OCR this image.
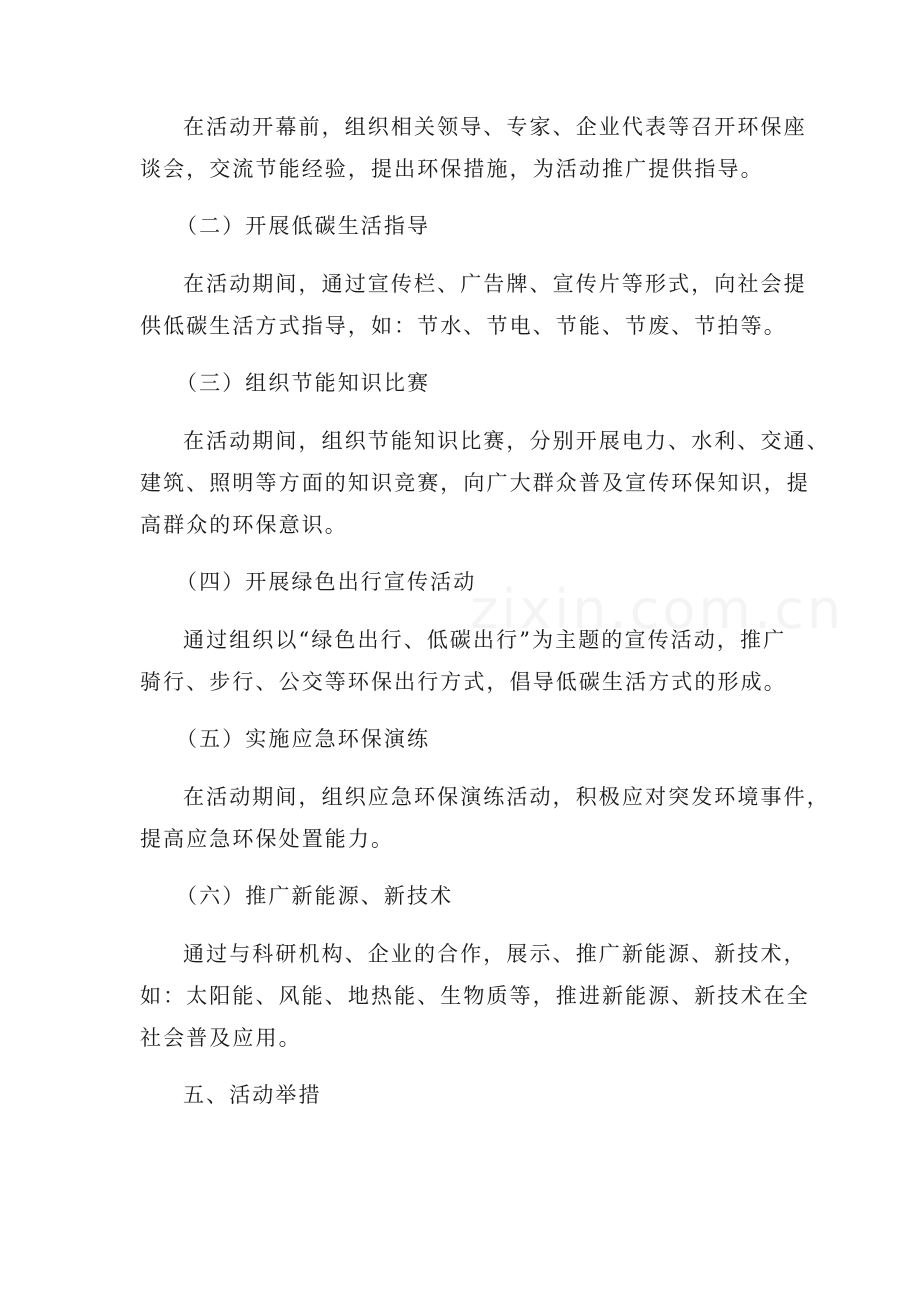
在活动开幕前，组织相关领导、专家、企业代表等召开环保座
谈会，交流节能经验，提出环保措施，为活动推广提供指导。
（二）开展低碳生活指导
在活动期间，通过宣传栏、广告牌、宣传片等形式，向社会提
供低碳生活方式指导，如：节水、节电、节能、节废、节拍等。
（三）组织节能知识比赛
在活动期间，组织节能知识比赛，分别开展电力、水利、交通、
建筑、照明等方面的知识竞赛，向广大群众普及宣传环保知识，提
高群众的环保意识。
（四）开展绿色出行宣传活动
通过组织以“绿色出行、低碳出行”为主题的宣传活动，推广
骑行、步行、公交等环保出行方式，倡导低碳生活方式的形成。
（五）实施应急环保演练
在活动期间，组织应急环保演练活动，积极应对突发环境事件，
提高应急环保处置能力。
（六）推广新能源、新技术
通过与科研机构、企业的合作，展示、推广新能源、新技术，
如：太阳能、风能、地热能、生物质等，推进新能源、新技术在全
社会普及应用。
五、活动举措
